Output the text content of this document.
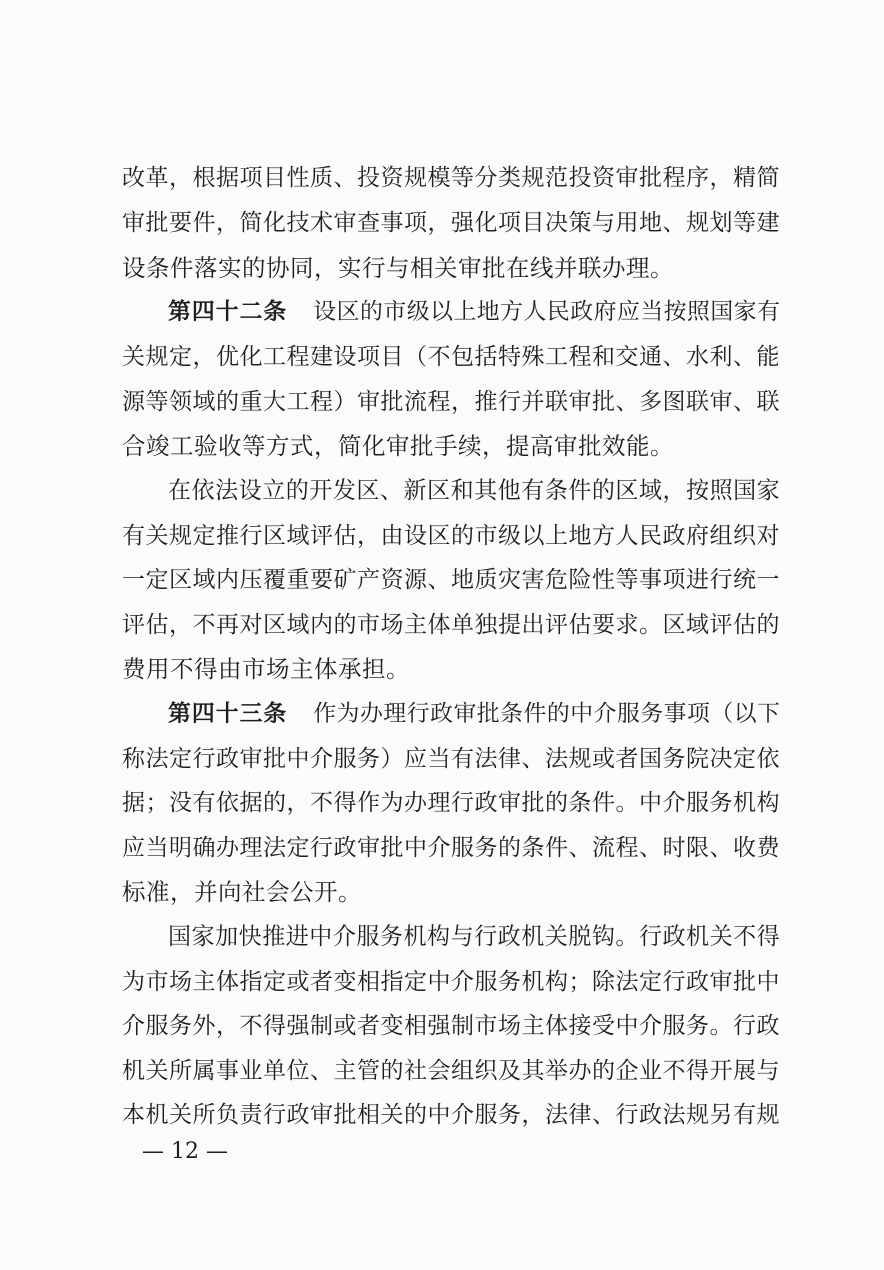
改革，根据项目性质、投资规模等分类规范投资审批程序，精简
审批要件，简化技术审查事项，强化项目决策与用地、规划等建
设条件落实的协同，实行与相关审批在线并联办理。
第四十二条 设区的市级以上地方人民政府应当按照国家有
关规定，优化工程建设项目（不包括特殊工程和交通、水利、能
源等领域的重大工程）审批流程，推行并联审批、多图联审、联
合竣工验收等方式，简化审批手续，提高审批效能。
在依法设立的开发区、新区和其他有条件的区域，按照国家
有关规定推行区域评估，由设区的市级以上地方人民政府组织对
一定区域内压覆重要矿产资源、地质灾害危险性等事项进行统一
评估，不再对区域内的市场主体单独提出评估要求。区域评估的
费用不得由市场主体承担。
第四十三条 作为办理行政审批条件的中介服务事项（以下
称法定行政审批中介服务）应当有法律、法规或者国务院决定依
据；没有依据的，不得作为办理行政审批的条件。中介服务机构
应当明确办理法定行政审批中介服务的条件、流程、时限、收费
标准，并向社会公开。
国家加快推进中介服务机构与行政机关脱钩。行政机关不得
为市场主体指定或者变相指定中介服务机构；除法定行政审批中
介服务外，不得强制或者变相强制市场主体接受中介服务。行政
机关所属事业单位、主管的社会组织及其举办的企业不得开展与
本机关所负责行政审批相关的中介服务，法律、行政法规另有规
— 12 —
